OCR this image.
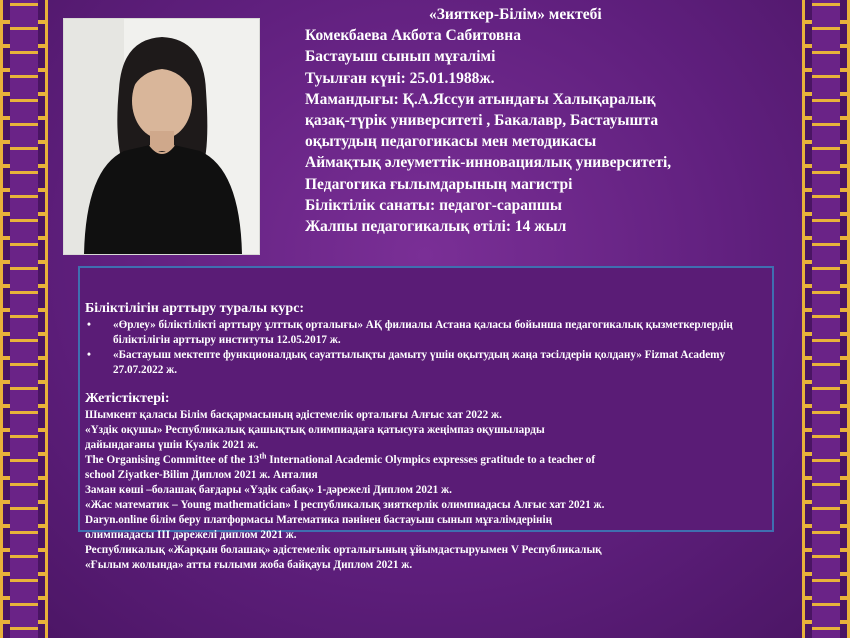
«Зияткер-Білім» мектебі
Комекбаева Акбота Сабитовна
Бастауыш сынып мұғалімі
Туылған күні: 25.01.1988ж.
Мамандығы: Қ.А.Яссуи атындағы Халықаралық
қазақ-түрік университеті , Бакалавр, Бастауышта
оқытудың педагогикасы мен методикасы
Аймақтық әлеуметтік-инновациялық университеті,
Педагогика ғылымдарының магистрі
Біліктілік санаты: педагог-сарапшы
Жалпы педагогикалық өтілі: 14 жыл
Біліктілігін арттыру туралы курс:
• «Өрлеу» біліктілікті арттыру ұлттық орталығы» АҚ филиалы Астана қаласы бойынша педагогикалық қызметкерлердің біліктілігін арттыру институты 12.05.2017 ж.
• «Бастауыш мектепте функционалдық сауаттылықты дамыту үшін оқытудың жаңа тәсілдерін қолдану» Fizmat Academy 27.07.2022 ж.
Жетістіктері:
Шымкент қаласы Білім басқармасының әдістемелік орталығы Алғыс хат 2022 ж.
«Үздік оқушы» Республикалық қашықтық олимпиадаға қатысуға жеңімпаз оқушыларды
дайындағаны үшін Куәлік 2021 ж.
The Organising Committee of the 13th International Academic Olympics expresses gratitude to a teacher of
school Ziyatker-Bilim Диплом 2021 ж. Анталия
Заман көші –болашақ бағдары «Үздік сабақ» 1-дәрежелі Диплом 2021 ж.
«Жас математик – Young mathematician» I республикалық зияткерлік олимпиадасы Алғыс хат 2021 ж.
Daryn.online білім беру платформасы Математика пәнінен бастауыш сынып мұғалімдерінің
олимпиадасы III дәрежелі диплом 2021 ж.
Республикалық «Жарқын болашақ» әдістемелік орталығының ұйымдастыруымен V Республикалық
«Ғылым жолында» атты ғылыми жоба байқауы Диплом 2021 ж.
